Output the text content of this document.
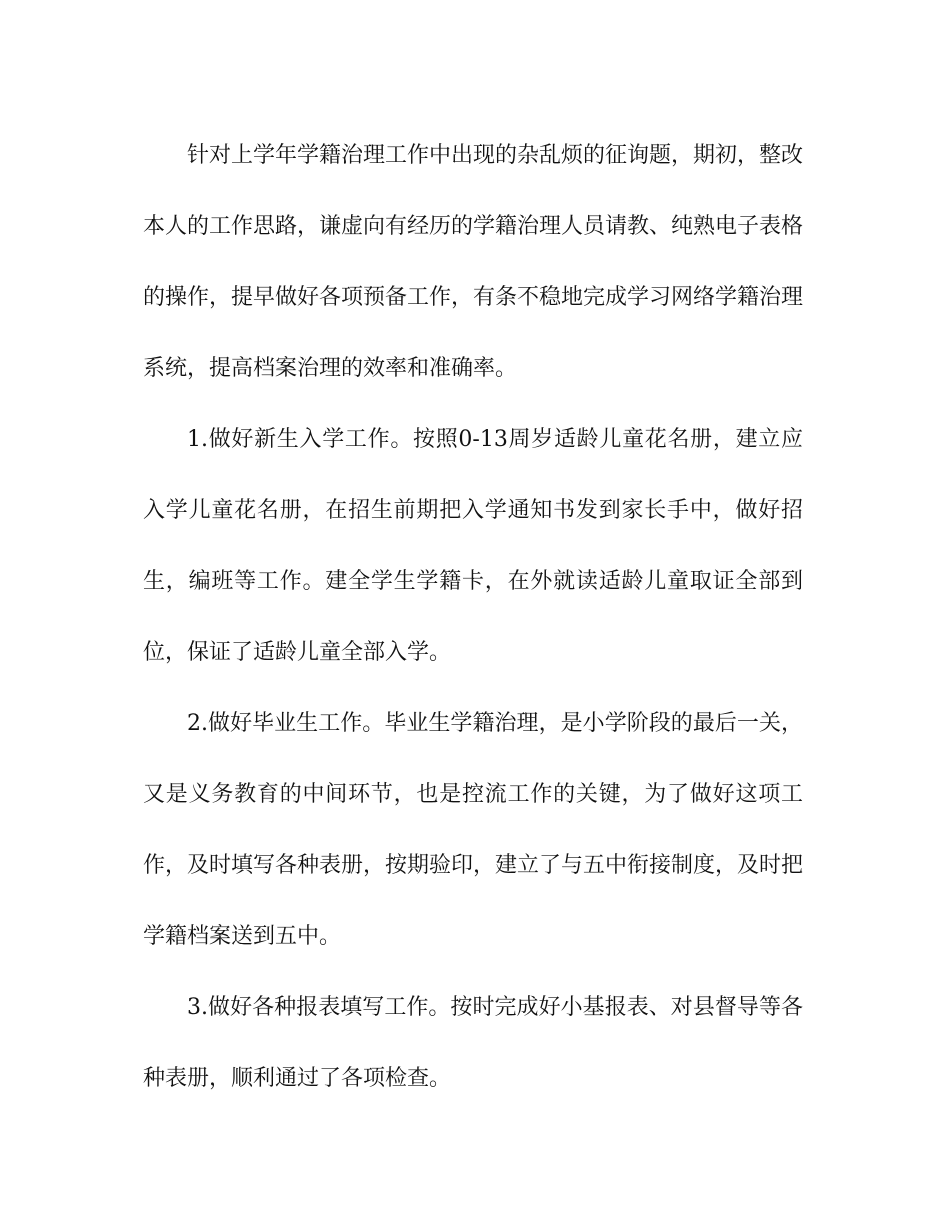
针对上学年学籍治理工作中出现的杂乱烦的征询题，期初，整改本人的工作思路，谦虚向有经历的学籍治理人员请教、纯熟电子表格的操作，提早做好各项预备工作，有条不稳地完成学习网络学籍治理系统，提高档案治理的效率和准确率。

1.做好新生入学工作。按照0-13周岁适龄儿童花名册，建立应入学儿童花名册，在招生前期把入学通知书发到家长手中，做好招生，编班等工作。建全学生学籍卡，在外就读适龄儿童取证全部到位，保证了适龄儿童全部入学。

2.做好毕业生工作。毕业生学籍治理，是小学阶段的最后一关，又是义务教育的中间环节，也是控流工作的关键，为了做好这项工作，及时填写各种表册，按期验印，建立了与五中衔接制度，及时把学籍档案送到五中。

3.做好各种报表填写工作。按时完成好小基报表、对县督导等各种表册，顺利通过了各项检查。
